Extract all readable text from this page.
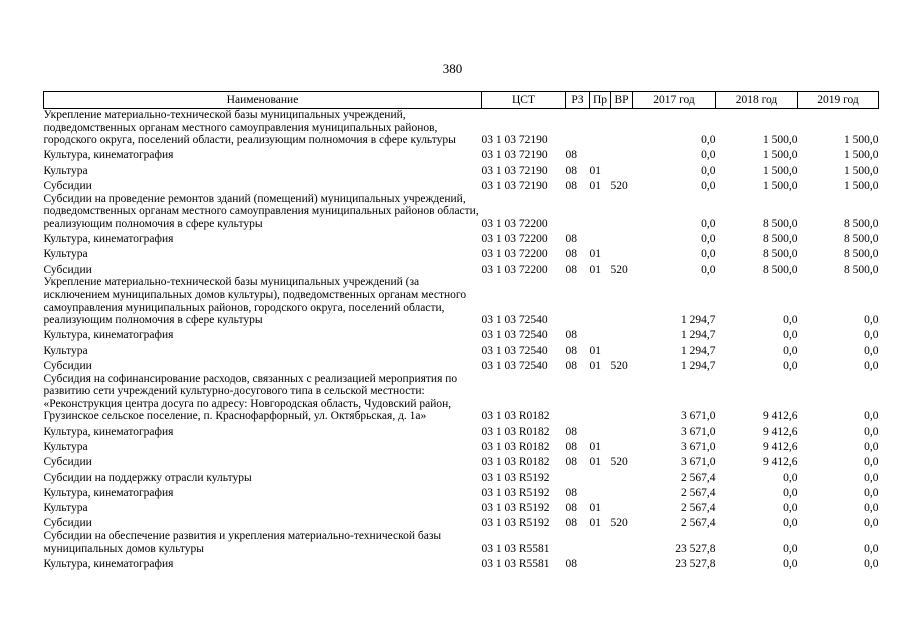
380
Наименование	ЦСТ	РЗ	Пр	ВР	2017 год	2018 год	2019 год
Укрепление материально-технической базы муниципальных учреждений, подведомственных органам местного самоуправления муниципальных районов, городского округа, поселений области, реализующим полномочия в сфере культуры	03 1 03 72190				0,0	1 500,0	1 500,0
Культура, кинематография	03 1 03 72190	08			0,0	1 500,0	1 500,0
Культура	03 1 03 72190	08	01		0,0	1 500,0	1 500,0
Субсидии	03 1 03 72190	08	01	520	0,0	1 500,0	1 500,0
Субсидии на проведение ремонтов зданий (помещений) муниципальных учреждений, подведомственных органам местного самоуправления муниципальных районов области, реализующим полномочия в сфере культуры	03 1 03 72200				0,0	8 500,0	8 500,0
Культура, кинематография	03 1 03 72200	08			0,0	8 500,0	8 500,0
Культура	03 1 03 72200	08	01		0,0	8 500,0	8 500,0
Субсидии	03 1 03 72200	08	01	520	0,0	8 500,0	8 500,0
Укрепление материально-технической базы муниципальных учреждений (за исключением муниципальных домов культуры), подведомственных органам местного самоуправления муниципальных районов, городского округа, поселений области, реализующим полномочия в сфере культуры	03 1 03 72540				1 294,7	0,0	0,0
Культура, кинематография	03 1 03 72540	08			1 294,7	0,0	0,0
Культура	03 1 03 72540	08	01		1 294,7	0,0	0,0
Субсидии	03 1 03 72540	08	01	520	1 294,7	0,0	0,0
Субсидия на софинансирование расходов, связанных с реализацией мероприятия по развитию сети учреждений культурно-досугового типа в сельской местности: «Реконструкция центра досуга по адресу: Новгородская область, Чудовский район, Грузинское сельское поселение, п. Краснофарфорный, ул. Октябрьская, д. 1а»	03 1 03 R0182				3 671,0	9 412,6	0,0
Культура, кинематография	03 1 03 R0182	08			3 671,0	9 412,6	0,0
Культура	03 1 03 R0182	08	01		3 671,0	9 412,6	0,0
Субсидии	03 1 03 R0182	08	01	520	3 671,0	9 412,6	0,0
Субсидии на поддержку отрасли культуры	03 1 03 R5192				2 567,4	0,0	0,0
Культура, кинематография	03 1 03 R5192	08			2 567,4	0,0	0,0
Культура	03 1 03 R5192	08	01		2 567,4	0,0	0,0
Субсидии	03 1 03 R5192	08	01	520	2 567,4	0,0	0,0
Субсидии на обеспечение развития и укрепления материально-технической базы муниципальных домов культуры	03 1 03 R5581				23 527,8	0,0	0,0
Культура, кинематография	03 1 03 R5581	08			23 527,8	0,0	0,0
